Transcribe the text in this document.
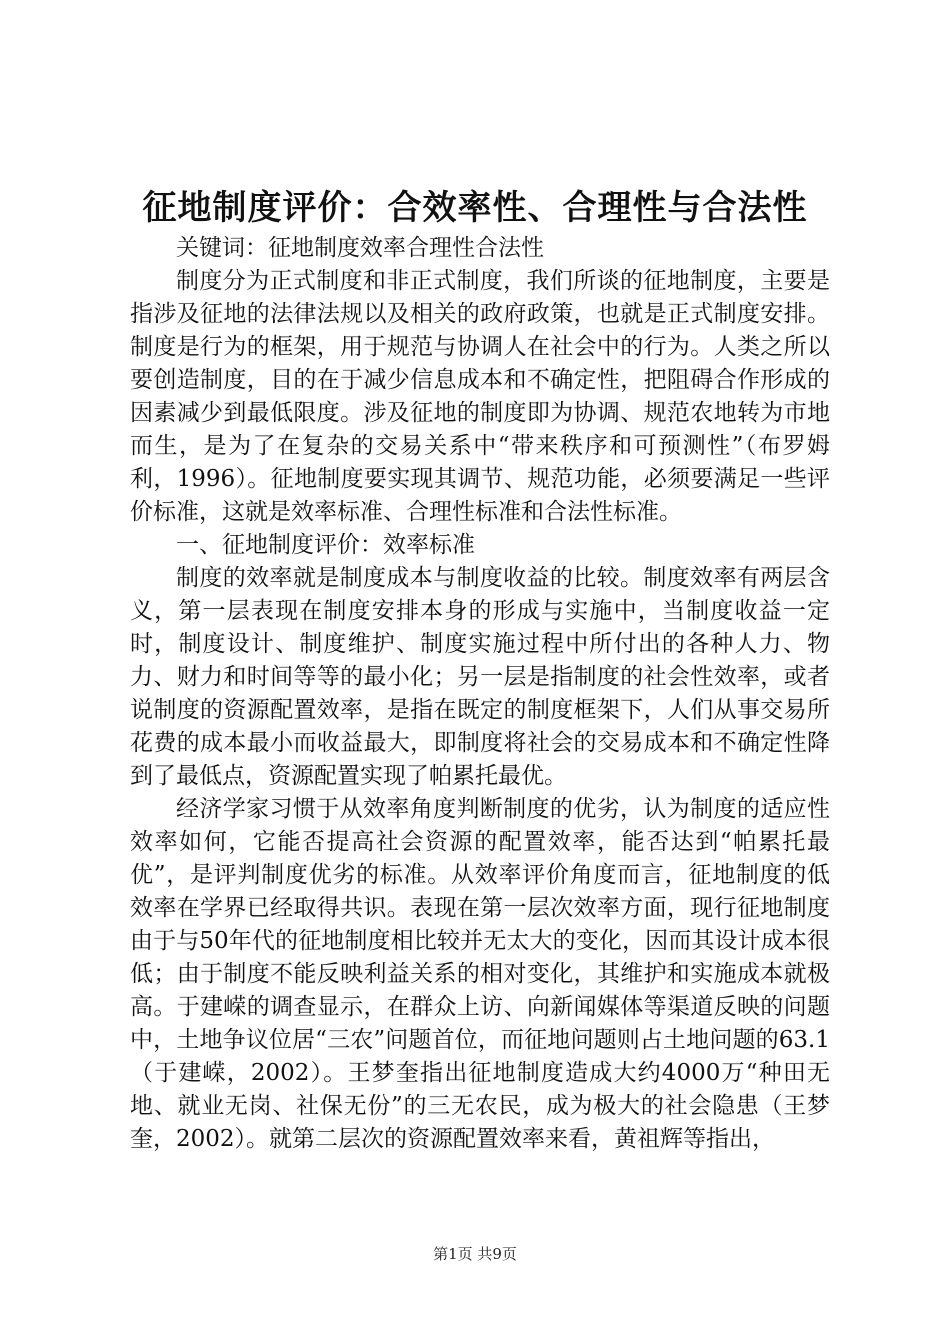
征地制度评价：合效率性、合理性与合法性

关键词：征地制度效率合理性合法性

制度分为正式制度和非正式制度，我们所谈的征地制度，主要是指涉及征地的法律法规以及相关的政府政策，也就是正式制度安排。制度是行为的框架，用于规范与协调人在社会中的行为。人类之所以要创造制度，目的在于减少信息成本和不确定性，把阻碍合作形成的因素减少到最低限度。涉及征地的制度即为协调、规范农地转为市地而生，是为了在复杂的交易关系中“带来秩序和可预测性”（布罗姆利，1996）。征地制度要实现其调节、规范功能，必须要满足一些评价标准，这就是效率标准、合理性标准和合法性标准。

一、征地制度评价：效率标准

制度的效率就是制度成本与制度收益的比较。制度效率有两层含义，第一层表现在制度安排本身的形成与实施中，当制度收益一定时，制度设计、制度维护、制度实施过程中所付出的各种人力、物力、财力和时间等等的最小化；另一层是指制度的社会性效率，或者说制度的资源配置效率，是指在既定的制度框架下，人们从事交易所花费的成本最小而收益最大，即制度将社会的交易成本和不确定性降到了最低点，资源配置实现了帕累托最优。

经济学家习惯于从效率角度判断制度的优劣，认为制度的适应性效率如何，它能否提高社会资源的配置效率，能否达到“帕累托最优”，是评判制度优劣的标准。从效率评价角度而言，征地制度的低效率在学界已经取得共识。表现在第一层次效率方面，现行征地制度由于与50年代的征地制度相比较并无太大的变化，因而其设计成本很低；由于制度不能反映利益关系的相对变化，其维护和实施成本就极高。于建嵘的调查显示，在群众上访、向新闻媒体等渠道反映的问题中，土地争议位居“三农”问题首位，而征地问题则占土地问题的63.1（于建嵘，2002）。王梦奎指出征地制度造成大约4000万“种田无地、就业无岗、社保无份”的三无农民，成为极大的社会隐患（王梦奎，2002）。就第二层次的资源配置效率来看，黄祖辉等指出，

第1页 共9页
